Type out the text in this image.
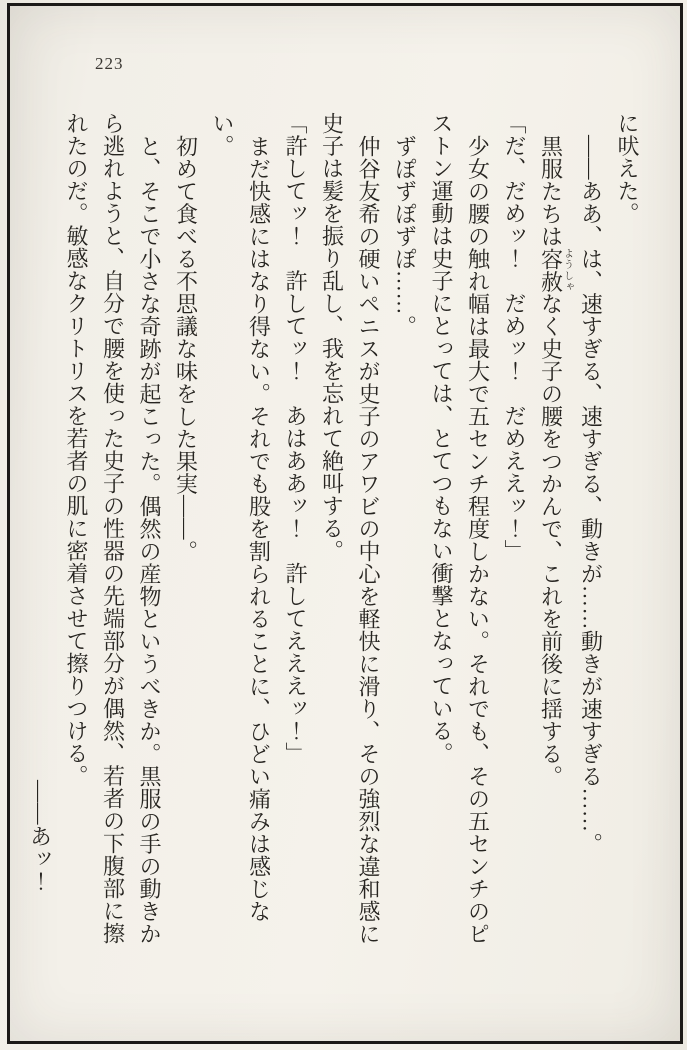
223

に吠えた。

――ああ、は、速すぎる、速すぎる、動きが……動きが速すぎる……。

黒服たちは容赦ようしゃなく史子の腰をつかんで、これを前後に揺する。

「だ、だめッ！　だめッ！　だめええッ！」

少女の腰の触れ幅は最大で五センチ程度しかない。それでも、その五センチのピストン運動は史子にとっては、とてつもない衝撃となっている。

ずぽずぽずぽ……。

仲谷友希の硬いペニスが史子のアワビの中心を軽快に滑り、その強烈な違和感に史子は髪を振り乱し、我を忘れて絶叫する。

「許してッ！　許してッ！　あはああッ！　許してえええッ！」

まだ快感にはなり得ない。それでも股を割られることに、ひどい痛みは感じない。

初めて食べる不思議な味をした果実――。

と、そこで小さな奇跡が起こった。偶然の産物というべきか。黒服の手の動きから逃れようと、自分で腰を使った史子の性器の先端部分が偶然、若者の下腹部に擦れたのだ。敏感なクリトリスを若者の肌に密着させて擦りつける。

――あッ！
